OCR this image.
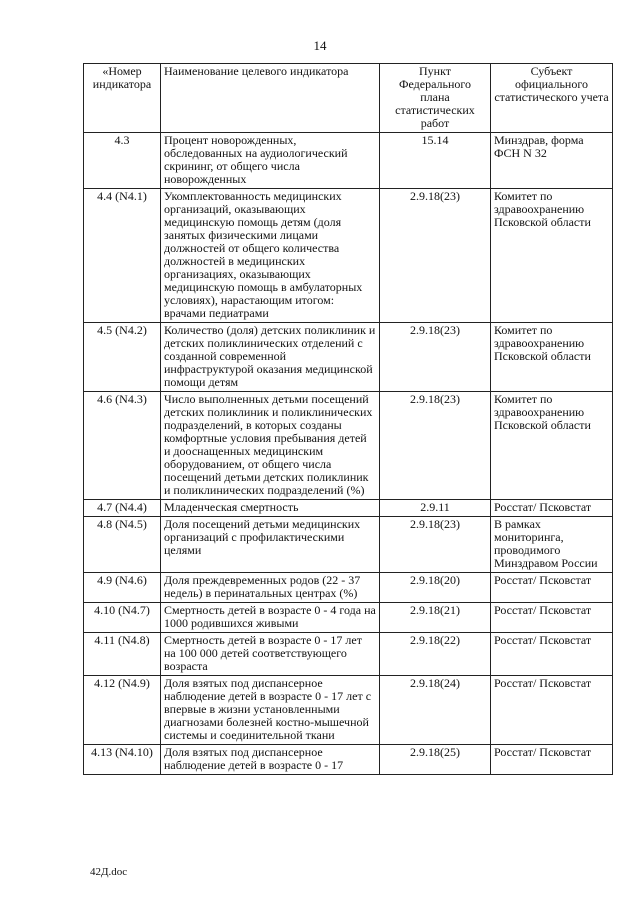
14
«Номер индикатора	Наименование целевого индикатора	Пункт Федерального плана статистических работ	Субъект официального статистического учета
4.3	Процент новорожденных, обследованных на аудиологический скрининг, от общего числа новорожденных	15.14	Минздрав, форма ФСН N 32
4.4 (N4.1)	Укомплектованность медицинских организаций, оказывающих медицинскую помощь детям (доля занятых физическими лицами должностей от общего количества должностей в медицинских организациях, оказывающих медицинскую помощь в амбулаторных условиях), нарастающим итогом: врачами педиатрами	2.9.18(23)	Комитет по здравоохранению Псковской области
4.5 (N4.2)	Количество (доля) детских поликлиник и детских поликлинических отделений с созданной современной инфраструктурой оказания медицинской помощи детям	2.9.18(23)	Комитет по здравоохранению Псковской области
4.6 (N4.3)	Число выполненных детьми посещений детских поликлиник и поликлинических подразделений, в которых созданы комфортные условия пребывания детей и дооснащенных медицинским оборудованием, от общего числа посещений детьми детских поликлиник и поликлинических подразделений (%)	2.9.18(23)	Комитет по здравоохранению Псковской области
4.7 (N4.4)	Младенческая смертность	2.9.11	Росстат/ Псковстат
4.8 (N4.5)	Доля посещений детьми медицинских организаций с профилактическими целями	2.9.18(23)	В рамках мониторинга, проводимого Минздравом России
4.9 (N4.6)	Доля преждевременных родов (22 - 37 недель) в перинатальных центрах (%)	2.9.18(20)	Росстат/ Псковстат
4.10 (N4.7)	Смертность детей в возрасте 0 - 4 года на 1000 родившихся живыми	2.9.18(21)	Росстат/ Псковстат
4.11 (N4.8)	Смертность детей в возрасте 0 - 17 лет на 100 000 детей соответствующего возраста	2.9.18(22)	Росстат/ Псковстат
4.12 (N4.9)	Доля взятых под диспансерное наблюдение детей в возрасте 0 - 17 лет с впервые в жизни установленными диагнозами болезней костно-мышечной системы и соединительной ткани	2.9.18(24)	Росстат/ Псковстат
4.13 (N4.10)	Доля взятых под диспансерное наблюдение детей в возрасте 0 - 17	2.9.18(25)	Росстат/ Псковстат
42Д.doc
